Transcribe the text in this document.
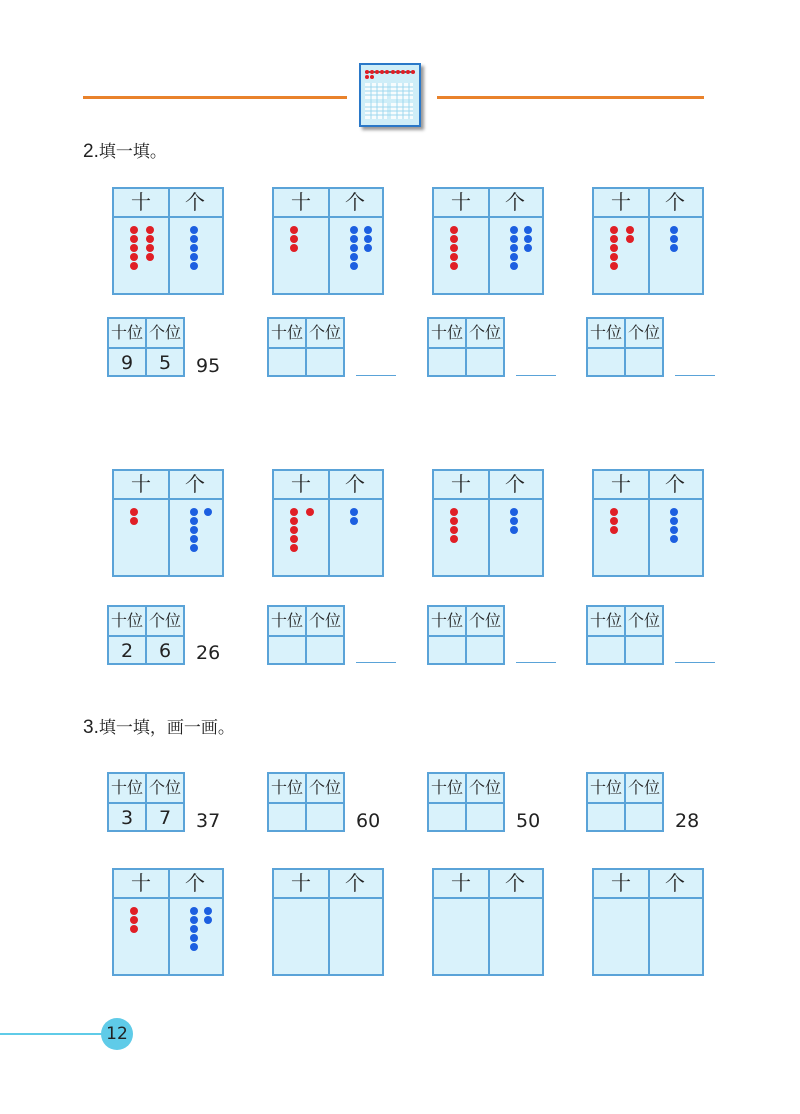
2.填一填。
3.填一填，画一画。
十	个
十位 个位
9	5	95
十	个
十位 个位
十	个
十位 个位
十	个
十位 个位
十	个
十位 个位
2	6	26
十	个
十位 个位
十	个
十位 个位
十	个
十位 个位
十位 个位
3	7	37
十	个
十位 个位
60
十	个
十位 个位
50
十	个
十位 个位
28
十	个
12
